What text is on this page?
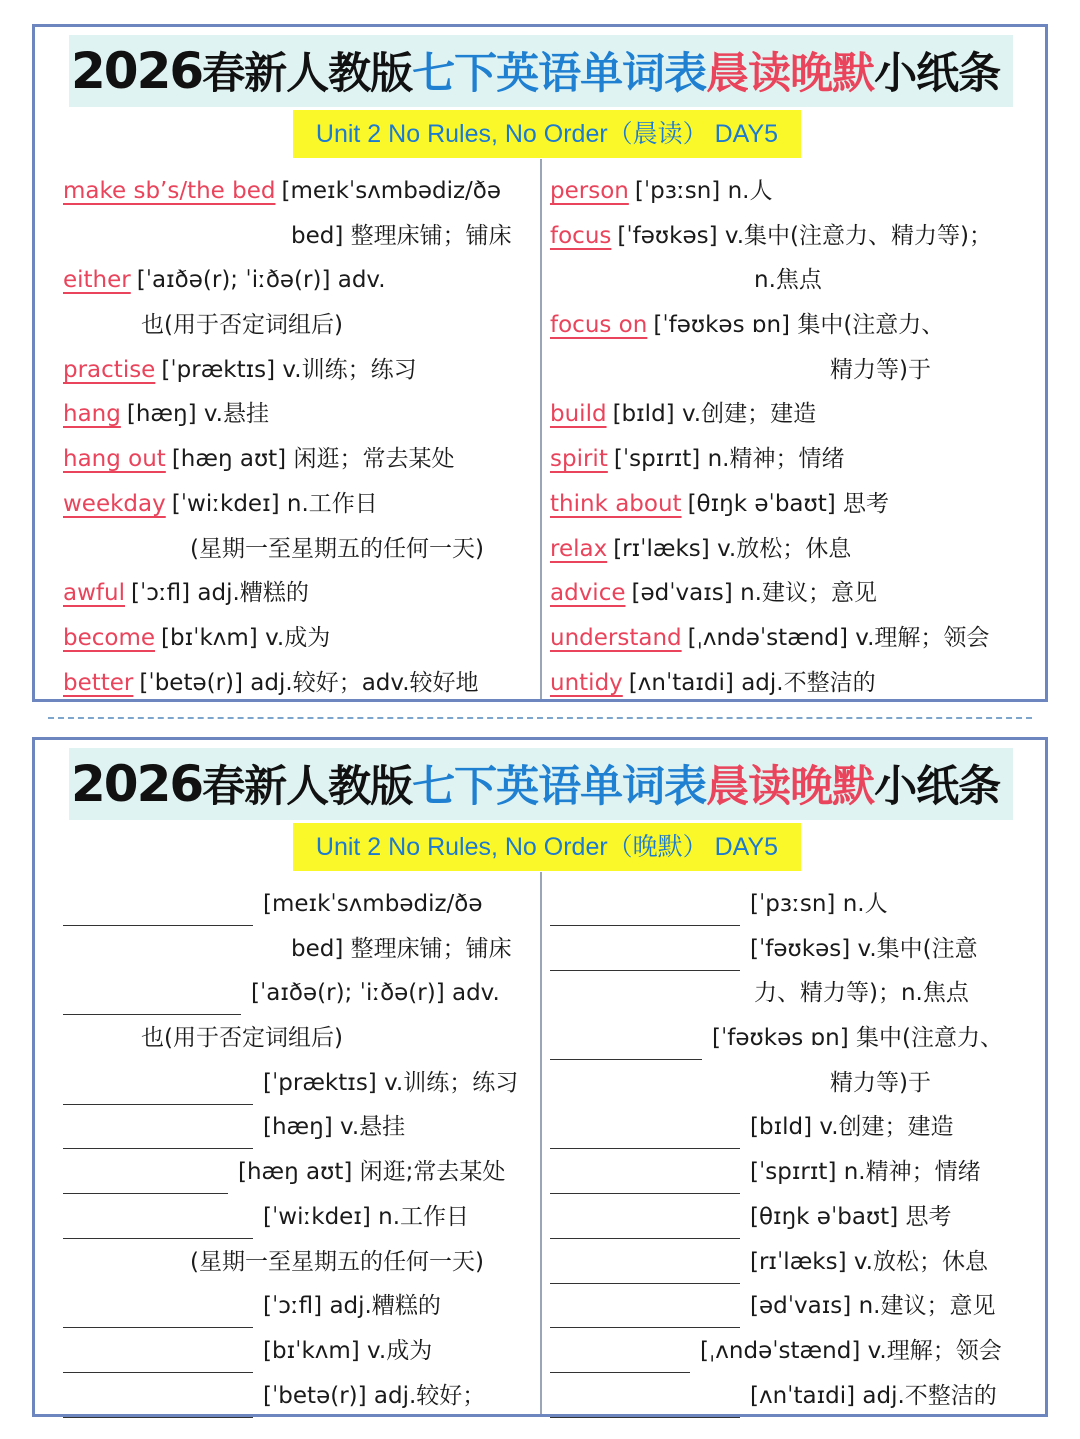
2026春新人教版七下英语单词表晨读晚默小纸条
Unit 2 No Rules, No Order（晨读） DAY5
make sb’s/the bed [meɪkˈsʌmbədiz/ðə
bed] 整理床铺；铺床
either [ˈaɪðə(r); ˈiːðə(r)] adv.
也(用于否定词组后)
practise [ˈpræktɪs] v.训练；练习
hang [hæŋ] v.悬挂
hang out [hæŋ aʊt] 闲逛；常去某处
weekday [ˈwiːkdeɪ] n.工作日
(星期一至星期五的任何一天)
awful [ˈɔːfl] adj.糟糕的
become [bɪˈkʌm] v.成为
better [ˈbetə(r)] adj.较好；adv.较好地
person [ˈpɜːsn] n.人
focus [ˈfəʊkəs] v.集中(注意力、精力等)；
n.焦点
focus on [ˈfəʊkəs ɒn] 集中(注意力、
精力等)于
build [bɪld] v.创建；建造
spirit [ˈspɪrɪt] n.精神；情绪
think about [θɪŋk əˈbaʊt] 思考
relax [rɪˈlæks] v.放松；休息
advice [ədˈvaɪs] n.建议；意见
understand [ˌʌndəˈstænd] v.理解；领会
untidy [ʌnˈtaɪdi] adj.不整洁的
2026春新人教版七下英语单词表晨读晚默小纸条
Unit 2 No Rules, No Order（晚默） DAY5
[meɪkˈsʌmbədiz/ðə
bed] 整理床铺；铺床
[ˈaɪðə(r); ˈiːðə(r)] adv.
也(用于否定词组后)
[ˈpræktɪs] v.训练；练习
[hæŋ] v.悬挂
[hæŋ aʊt] 闲逛;常去某处
[ˈwiːkdeɪ] n.工作日
(星期一至星期五的任何一天)
[ˈɔːfl] adj.糟糕的
[bɪˈkʌm] v.成为
[ˈbetə(r)] adj.较好；
[ˈpɜːsn] n.人
[ˈfəʊkəs] v.集中(注意
力、精力等)；n.焦点
[ˈfəʊkəs ɒn] 集中(注意力、
精力等)于
[bɪld] v.创建；建造
[ˈspɪrɪt] n.精神；情绪
[θɪŋk əˈbaʊt] 思考
[rɪˈlæks] v.放松；休息
[ədˈvaɪs] n.建议；意见
[ˌʌndəˈstænd] v.理解；领会
[ʌnˈtaɪdi] adj.不整洁的
